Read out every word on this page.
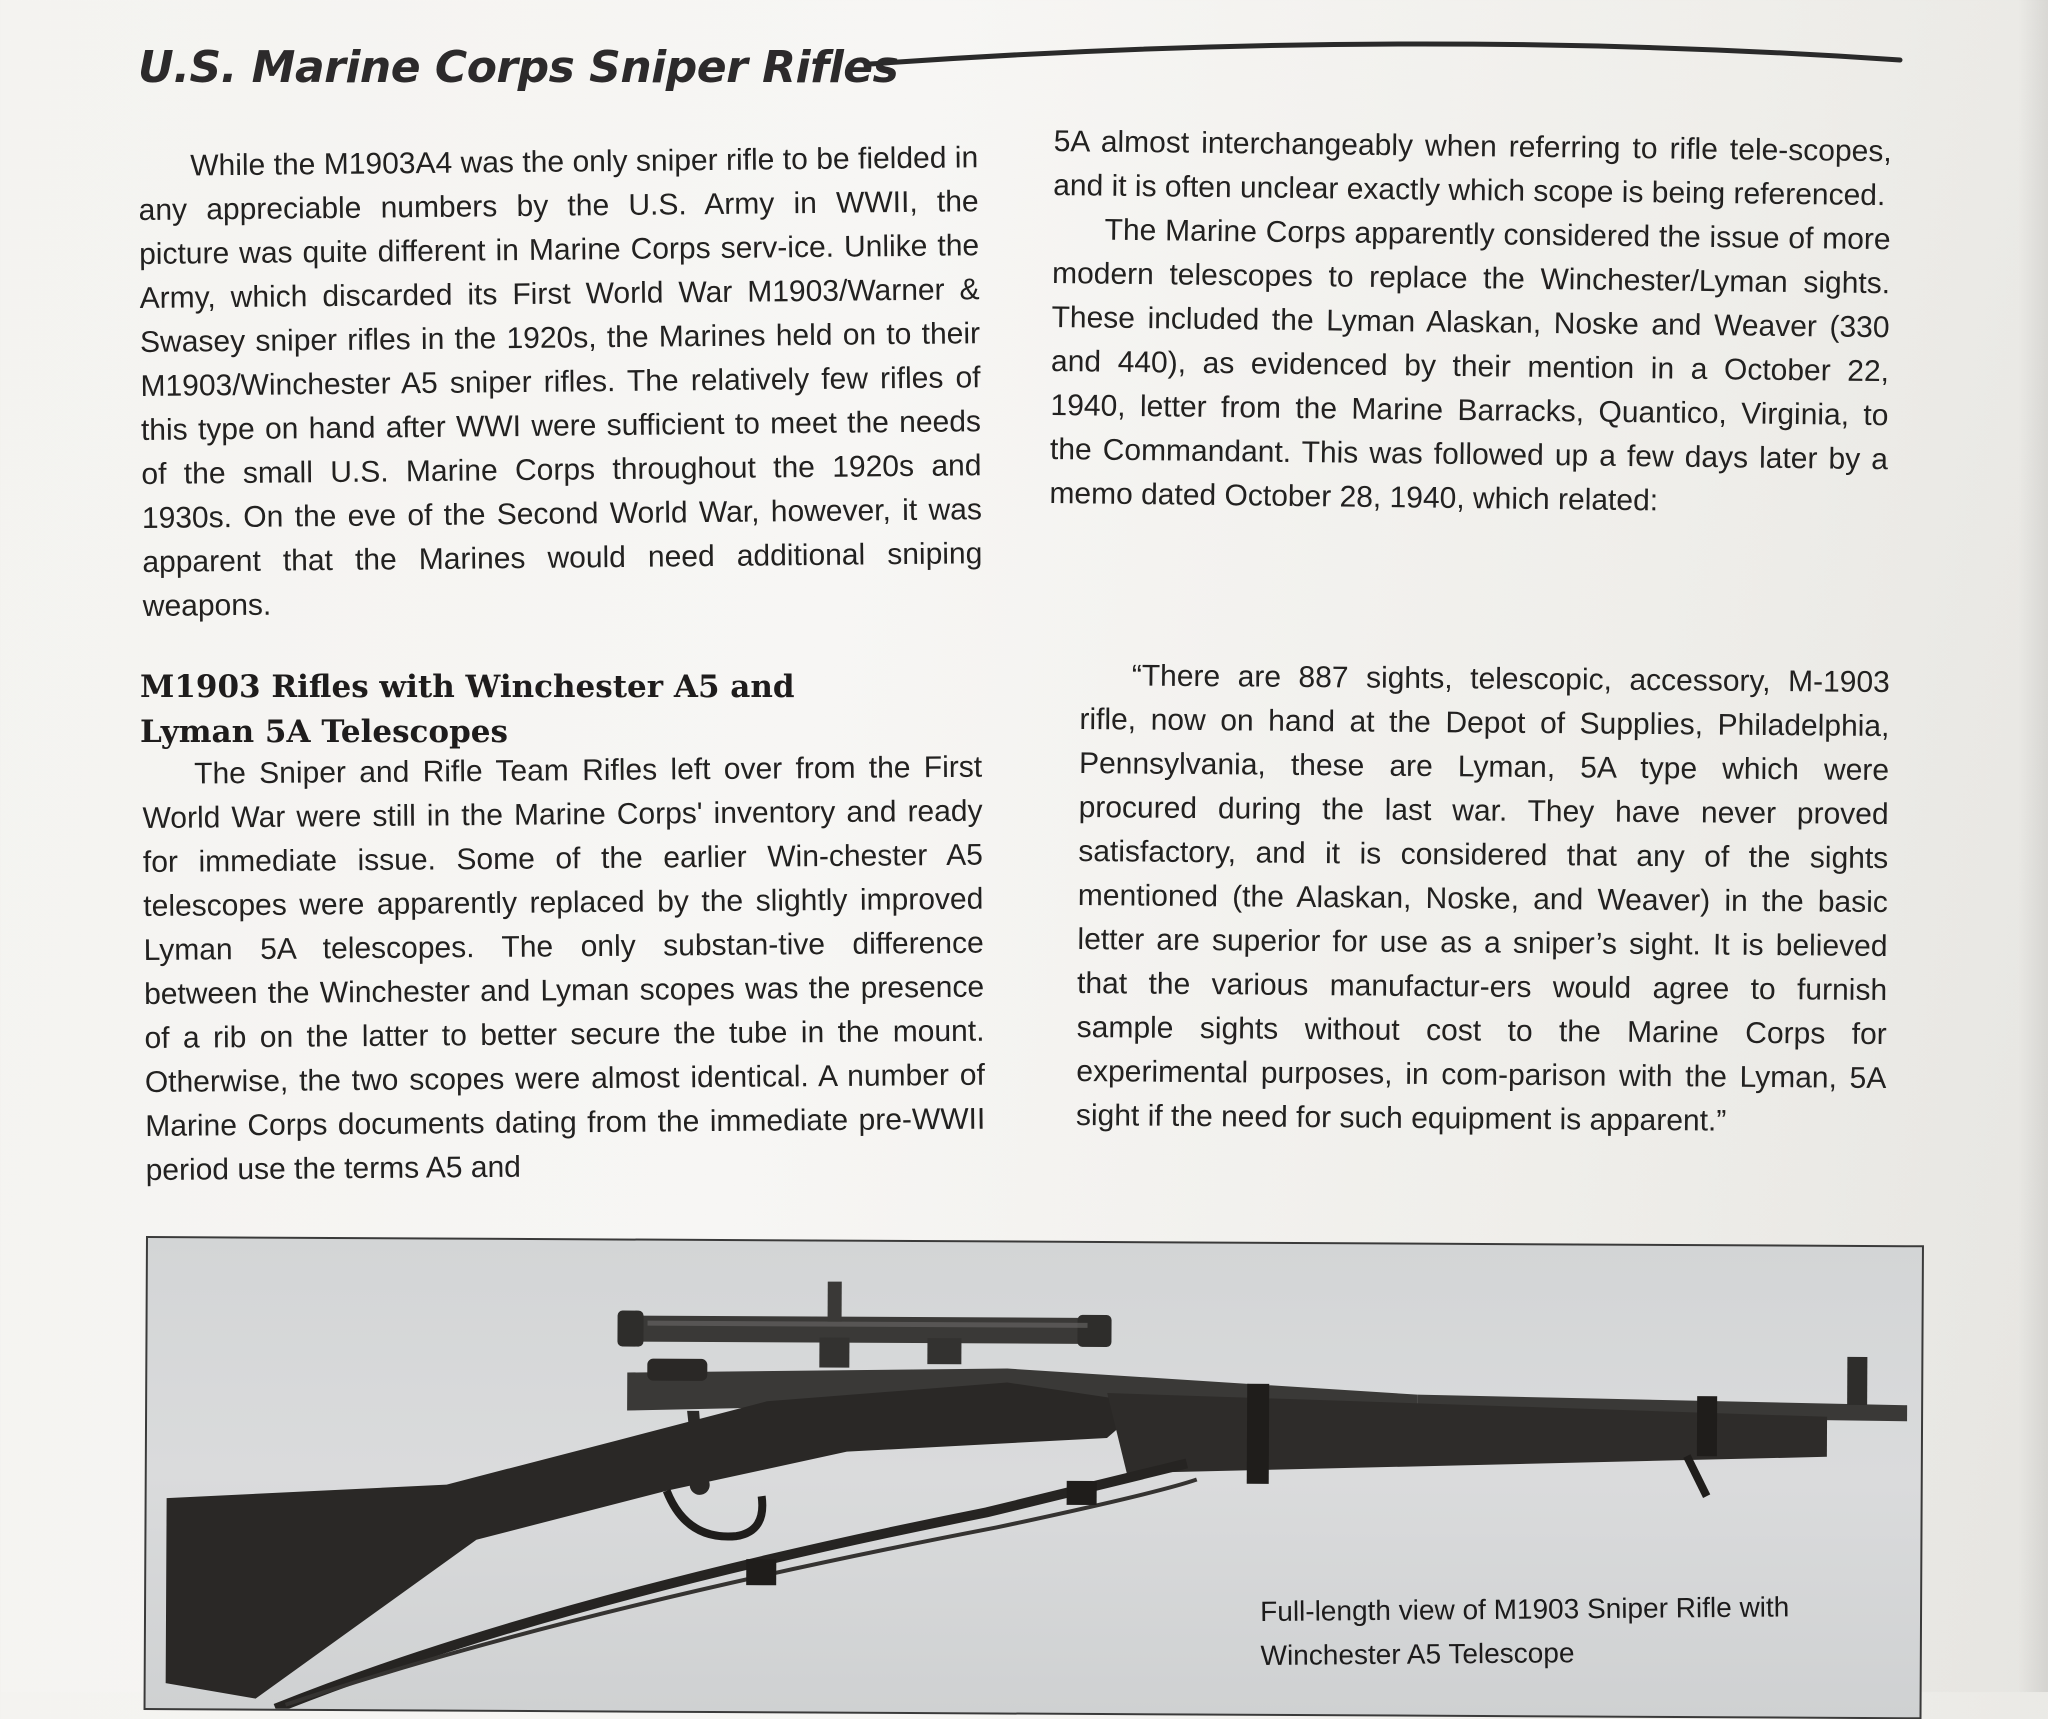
U.S. Marine Corps Sniper Rifles

While the M1903A4 was the only sniper rifle to be fielded in any appreciable numbers by the U.S. Army in WWII, the picture was quite different in Marine Corps serv-ice. Unlike the Army, which discarded its First World War M1903/Warner & Swasey sniper rifles in the 1920s, the Marines held on to their M1903/Winchester A5 sniper rifles. The relatively few rifles of this type on hand after WWI were sufficient to meet the needs of the small U.S. Marine Corps throughout the 1920s and 1930s. On the eve of the Second World War, however, it was apparent that the Marines would need additional sniping weapons.

M1903 Rifles with Winchester A5 and Lyman 5A Telescopes

The Sniper and Rifle Team Rifles left over from the First World War were still in the Marine Corps' inventory and ready for immediate issue. Some of the earlier Win-chester A5 telescopes were apparently replaced by the slightly improved Lyman 5A telescopes. The only substan-tive difference between the Winchester and Lyman scopes was the presence of a rib on the latter to better secure the tube in the mount. Otherwise, the two scopes were almost identical. A number of Marine Corps documents dating from the immediate pre-WWII period use the terms A5 and

5A almost interchangeably when referring to rifle tele-scopes, and it is often unclear exactly which scope is being referenced.

The Marine Corps apparently considered the issue of more modern telescopes to replace the Winchester/Lyman sights. These included the Lyman Alaskan, Noske and Weaver (330 and 440), as evidenced by their mention in a October 22, 1940, letter from the Marine Barracks, Quantico, Virginia, to the Commandant. This was followed up a few days later by a memo dated October 28, 1940, which related:

“There are 887 sights, telescopic, accessory, M-1903 rifle, now on hand at the Depot of Supplies, Philadelphia, Pennsylvania, these are Lyman, 5A type which were procured during the last war. They have never proved satisfactory, and it is considered that any of the sights mentioned (the Alaskan, Noske, and Weaver) in the basic letter are superior for use as a sniper’s sight. It is believed that the various manufactur-ers would agree to furnish sample sights without cost to the Marine Corps for experimental purposes, in com-parison with the Lyman, 5A sight if the need for such equipment is apparent.”

Full-length view of M1903 Sniper Rifle with Winchester A5 Telescope
